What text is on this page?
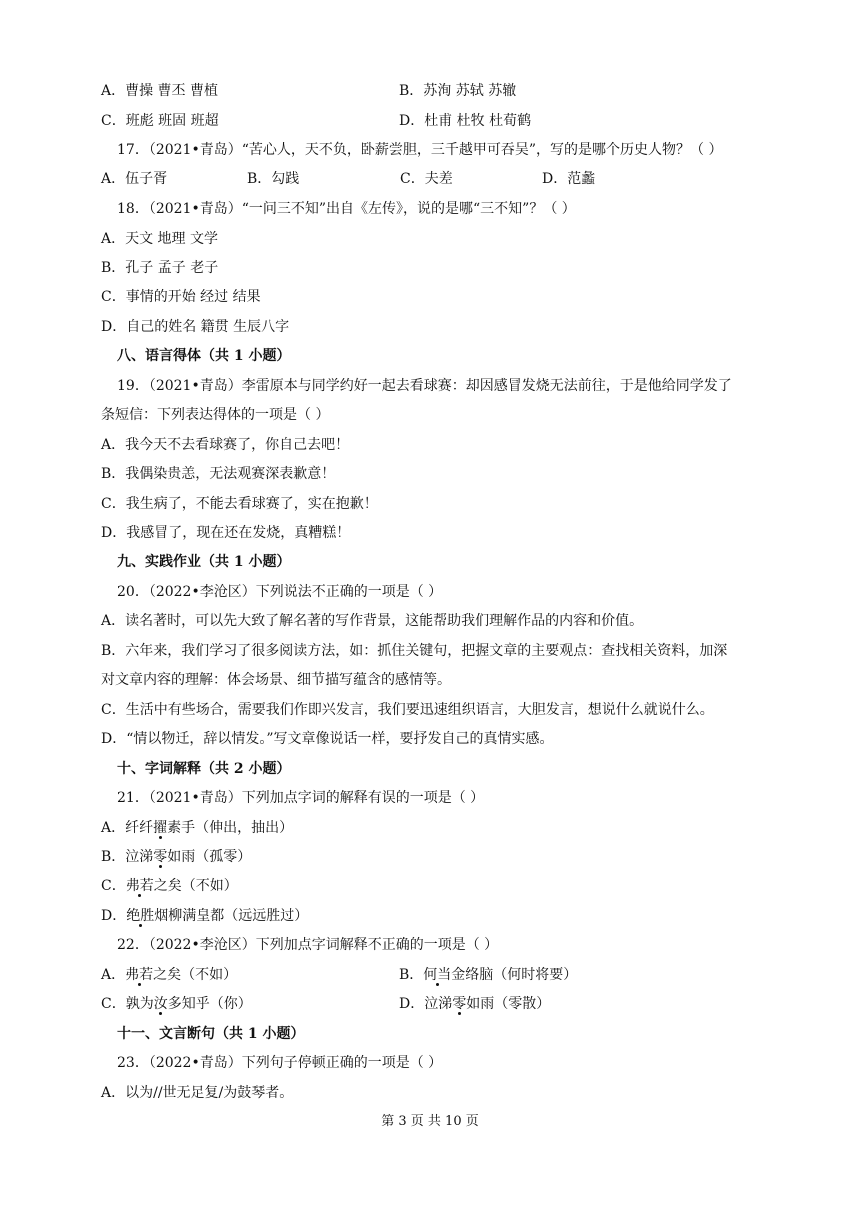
A．曹操 曹丕 曹植	B．苏洵 苏轼 苏辙
C．班彪 班固 班超	D．杜甫 杜牧 杜荀鹤
17．（2021•青岛）“苦心人，天不负，卧薪尝胆，三千越甲可吞吴”，写的是哪个历史人物？（ ）
A．伍子胥	B．勾践	C．夫差	D．范蠡
18．（2021•青岛）“一问三不知”出自《左传》，说的是哪“三不知”？（ ）
A．天文 地理 文学
B．孔子 孟子 老子
C．事情的开始 经过 结果
D．自己的姓名 籍贯 生辰八字
八、语言得体（共 1 小题）
19．（2021•青岛）李雷原本与同学约好一起去看球赛：却因感冒发烧无法前往，于是他给同学发了
条短信：下列表达得体的一项是（ ）
A．我今天不去看球赛了，你自己去吧！
B．我偶染贵恙，无法观赛深表歉意！
C．我生病了，不能去看球赛了，实在抱歉！
D．我感冒了，现在还在发烧，真糟糕！
九、实践作业（共 1 小题）
20．（2022•李沧区）下列说法不正确的一项是（ ）
A．读名著时，可以先大致了解名著的写作背景，这能帮助我们理解作品的内容和价值。
B．六年来，我们学习了很多阅读方法，如：抓住关键句，把握文章的主要观点：查找相关资料，加深
对文章内容的理解：体会场景、细节描写蕴含的感情等。
C．生活中有些场合，需要我们作即兴发言，我们要迅速组织语言，大胆发言，想说什么就说什么。
D．“情以物迁，辞以情发。”写文章像说话一样，要抒发自己的真情实感。
十、字词解释（共 2 小题）
21．（2021•青岛）下列加点字词的解释有误的一项是（ ）
A．纤纤擢素手（伸出，抽出）
B．泣涕零如雨（孤零）
C．弗若之矣（不如）
D．绝胜烟柳满皇都（远远胜过）
22．（2022•李沧区）下列加点字词解释不正确的一项是（ ）
A．弗若之矣（不如）	B．何当金络脑（何时将要）
C．孰为汝多知乎（你）	D．泣涕零如雨（零散）
十一、文言断句（共 1 小题）
23．（2022•青岛）下列句子停顿正确的一项是（ ）
A．以为//世无足复/为鼓琴者。
第 3 页 共 10 页
